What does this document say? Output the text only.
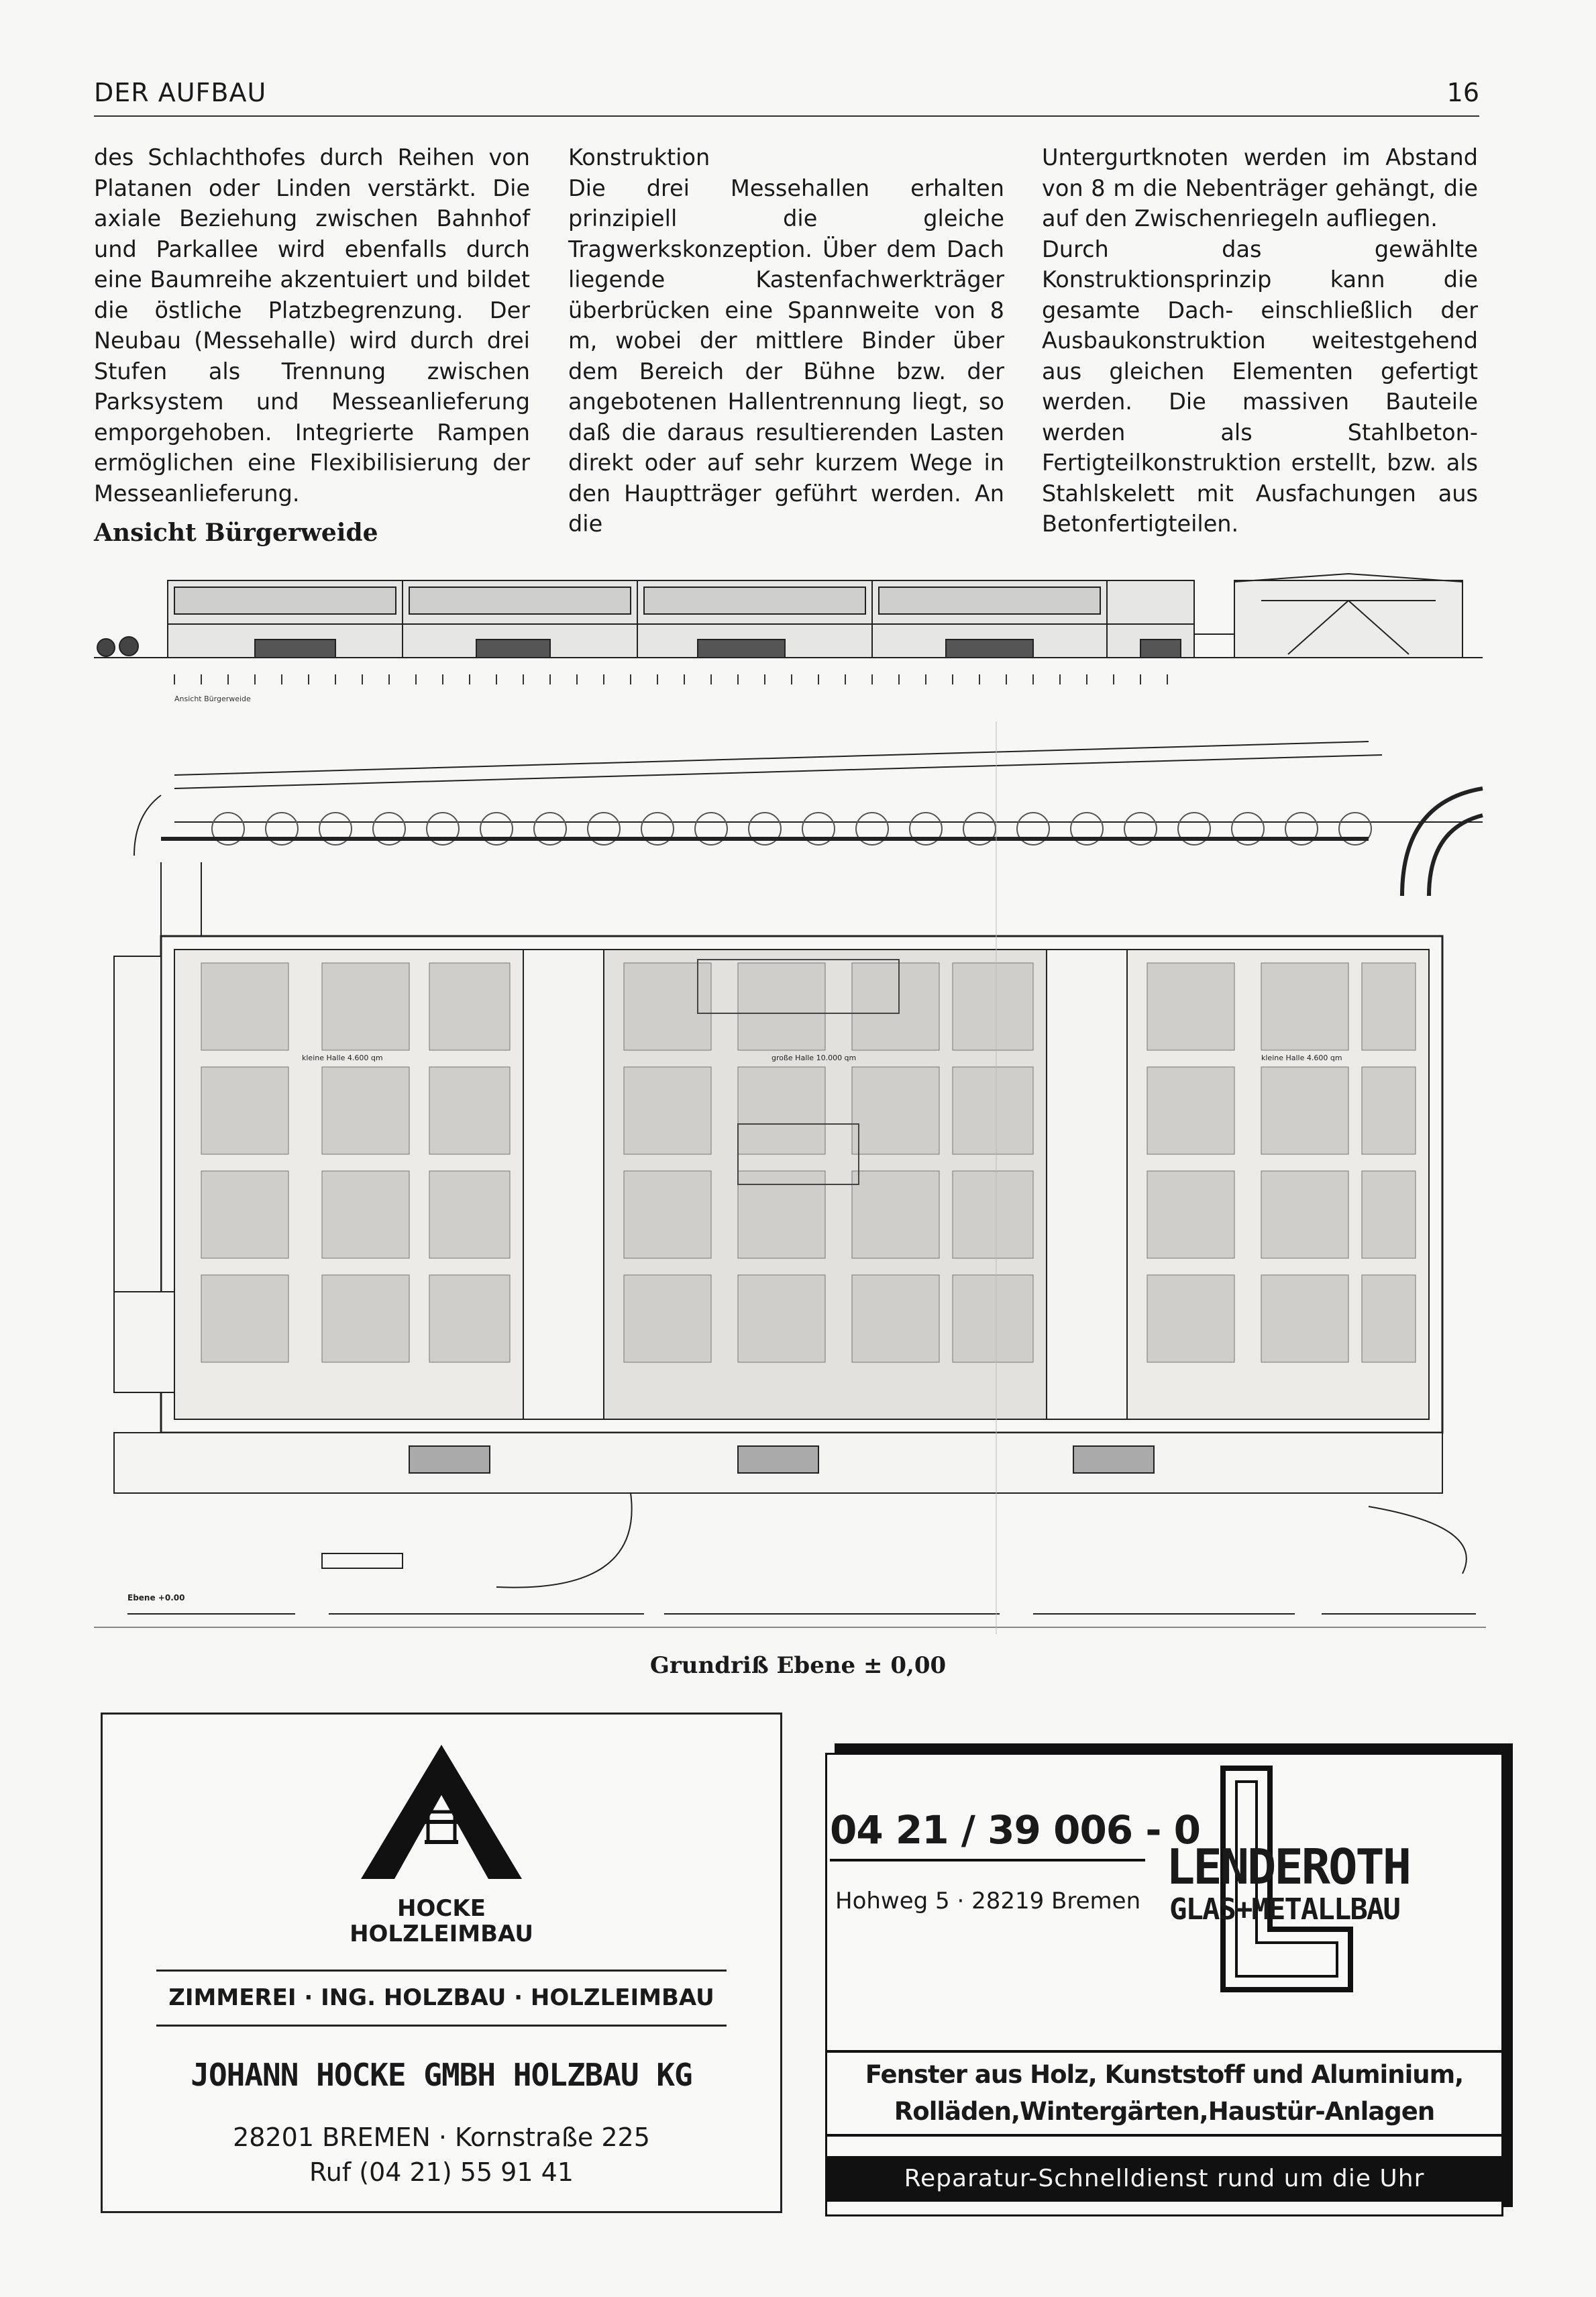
DER AUFBAU	16

des Schlachthofes durch Reihen von Platanen oder Linden verstärkt. Die axiale Beziehung zwischen Bahnhof und Parkallee wird ebenfalls durch eine Baumreihe akzentuiert und bildet die östliche Platzbegrenzung. Der Neubau (Messehalle) wird durch drei Stufen als Trennung zwischen Parksystem und Messeanlieferung emporgehoben. Integrierte Rampen ermöglichen eine Flexibilisierung der Messeanlieferung.

Konstruktion

Die drei Messehallen erhalten prinzipiell die gleiche Tragwerkskonzeption. Über dem Dach liegende Kastenfachwerkträger überbrücken eine Spannweite von 8 m, wobei der mittlere Binder über dem Bereich der Bühne bzw. der angebotenen Hallentrennung liegt, so daß die daraus resultierenden Lasten direkt oder auf sehr kurzem Wege in den Hauptträger geführt werden. An die

Untergurtknoten werden im Abstand von 8 m die Nebenträger gehängt, die auf den Zwischenriegeln aufliegen.

Durch das gewählte Konstruktionsprinzip kann die gesamte Dach- einschließlich der Ausbaukonstruktion weitestgehend aus gleichen Elementen gefertigt werden. Die massiven Bauteile werden als Stahlbeton-Fertigteilkonstruktion erstellt, bzw. als Stahlskelett mit Ausfachungen aus Betonfertigteilen.

Ansicht Bürgerweide
Ansicht Bürgerweide
kleine Halle 4.600 qm	große Halle 10.000 qm	kleine Halle 4.600 qm
Ebene +0.00
Grundriß Ebene ± 0,00
HOCKE
HOLZLEIMBAU
ZIMMEREI · ING. HOLZBAU · HOLZLEIMBAU
JOHANN HOCKE GMBH HOLZBAU KG
28201 BREMEN · Kornstraße 225
Ruf (04 21) 55 91 41
04 21 / 39 006 - 0
Hohweg 5 · 28219 Bremen
LENDEROTH
GLAS+METALLBAU
Fenster aus Holz, Kunststoff und Aluminium,
Rolläden,Wintergärten,Haustür-Anlagen
Reparatur-Schnelldienst rund um die Uhr
